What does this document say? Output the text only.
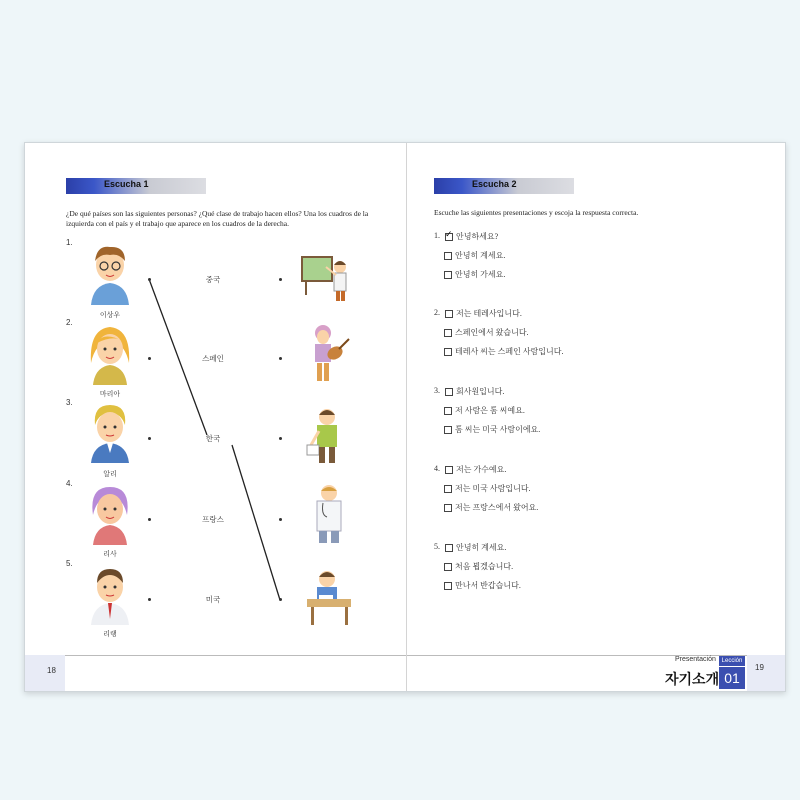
Escucha 1
¿De qué países son las siguientes personas? ¿Qué clase de trabajo hacen ellos? Una los cuadros de la izquierda con el país y el trabajo que aparece en los cuadros de la derecha.
1.
이상우
중국
2.
마리아
스페인
3.
알리
한국
4.
리사
프랑스
5.
리랭
미국
18
Escucha 2
Escuche las siguientes presentaciones y escoja la respuesta correcta.
1.
✓ 안녕하세요?
안녕히 계세요.
안녕히 가세요.
2. 저는 테레사입니다.
스페인에서 왔습니다.
테레사 씨는 스페인 사람입니다.
3. 회사원입니다.
저 사람은 톰 씨예요.
톰 씨는 미국 사람이에요.
4. 저는 가수예요.
저는 미국 사람입니다.
저는 프랑스에서 왔어요.
5. 안녕히 계세요.
처음 뵙겠습니다.
만나서 반갑습니다.
Presentación Lección
01
자기소개
19
